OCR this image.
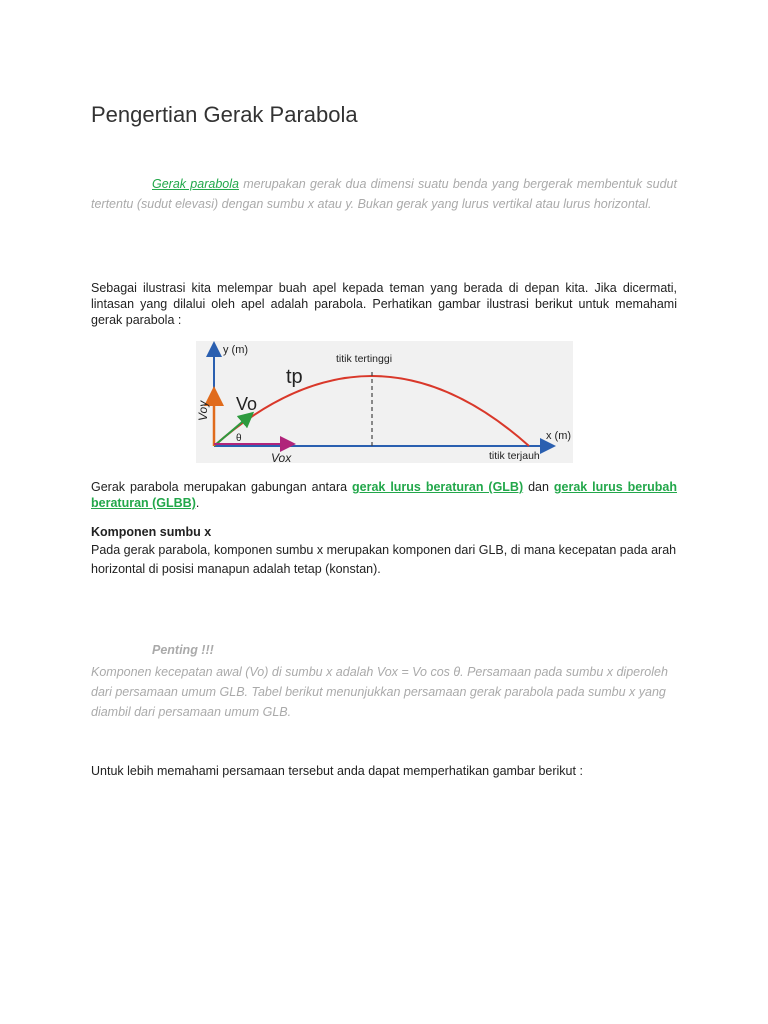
Pengertian Gerak Parabola

Gerak parabola merupakan gerak dua dimensi suatu benda yang bergerak membentuk sudut tertentu (sudut elevasi) dengan sumbu x atau y. Bukan gerak yang lurus vertikal atau lurus horizontal.

Sebagai ilustrasi kita melempar buah apel kepada teman yang berada di depan kita. Jika dicermati, lintasan yang dilalui oleh apel adalah parabola. Perhatikan gambar ilustrasi berikut untuk memahami gerak parabola :

y (m)
x (m)
titik tertinggi
tp
Vo
Voy
Vox
θ
titik terjauh

Gerak parabola merupakan gabungan antara gerak lurus beraturan (GLB) dan gerak lurus berubah beraturan (GLBB).

Komponen sumbu x

Pada gerak parabola, komponen sumbu x merupakan komponen dari GLB, di mana kecepatan pada arah horizontal di posisi manapun adalah tetap (konstan).

Penting !!!

Komponen kecepatan awal (Vo) di sumbu x adalah Vox = Vo cos θ. Persamaan pada sumbu x diperoleh dari persamaan umum GLB. Tabel berikut menunjukkan persamaan gerak parabola pada sumbu x yang diambil dari persamaan umum GLB.

Untuk lebih memahami persamaan tersebut anda dapat memperhatikan gambar berikut :
